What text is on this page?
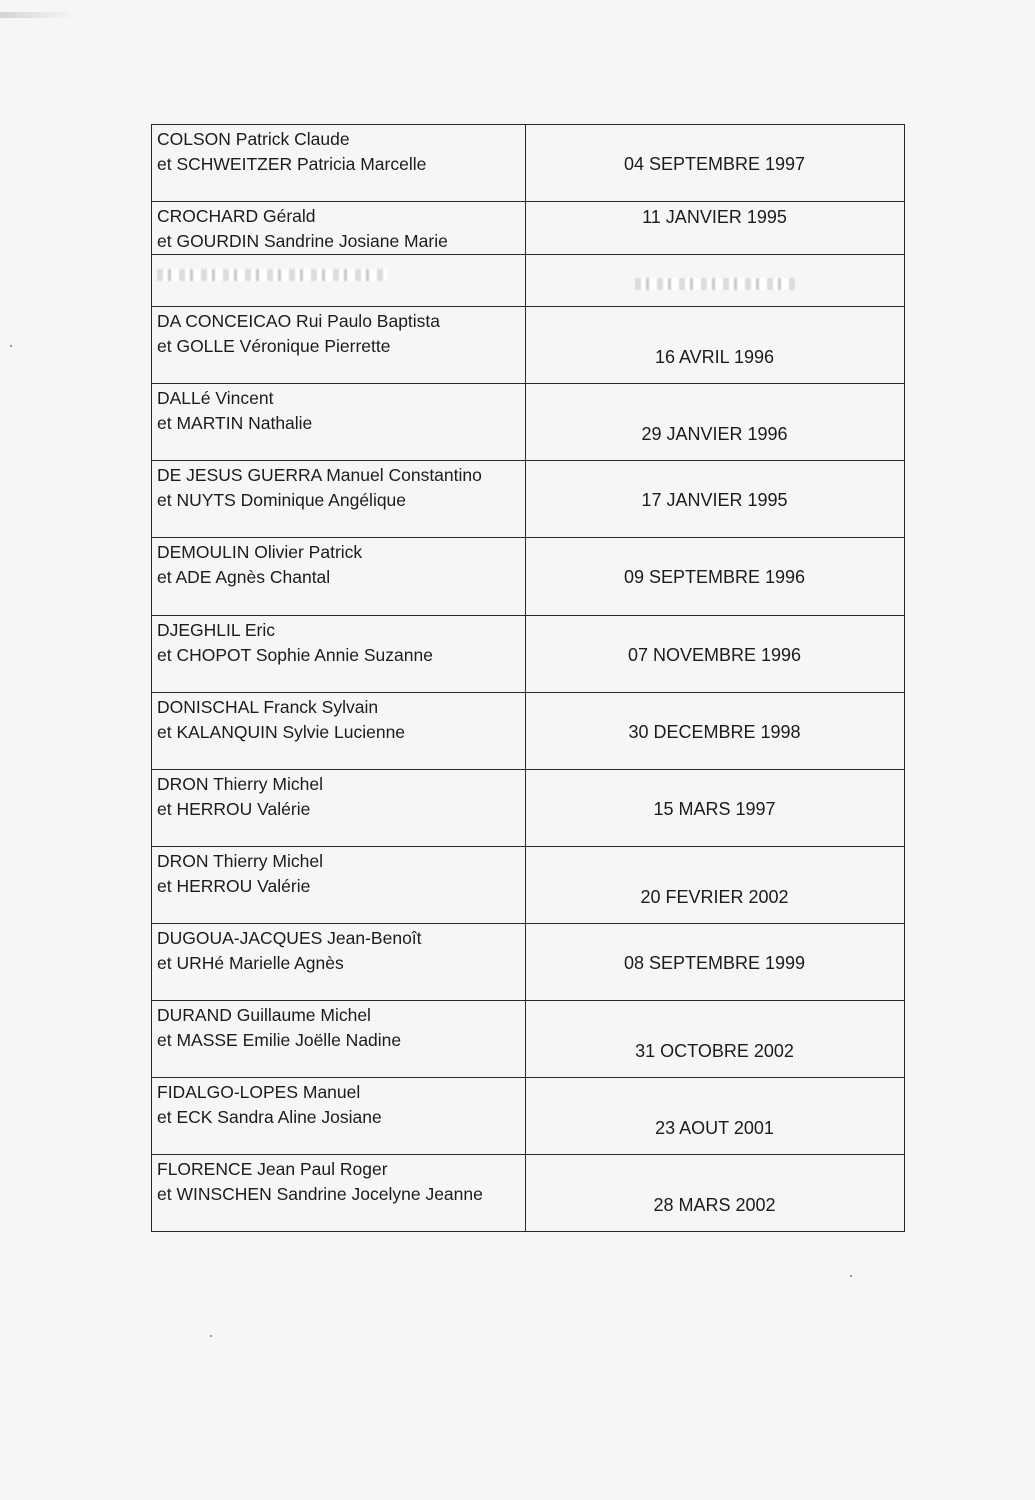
COLSON Patrick Claude
et SCHWEITZER Patricia Marcelle	04 SEPTEMBRE 1997

CROCHARD Gérald
et GOURDIN Sandrine Josiane Marie	11 JANVIER 1995

DA CONCEICAO Rui Paulo Baptista
et GOLLE Véronique Pierrette	16 AVRIL 1996

DALLé Vincent
et MARTIN Nathalie	29 JANVIER 1996

DE JESUS GUERRA Manuel Constantino
et NUYTS Dominique Angélique	17 JANVIER 1995

DEMOULIN Olivier Patrick
et ADE Agnès Chantal	09 SEPTEMBRE 1996

DJEGHLIL Eric
et CHOPOT Sophie Annie Suzanne	07 NOVEMBRE 1996

DONISCHAL Franck Sylvain
et KALANQUIN Sylvie Lucienne	30 DECEMBRE 1998

DRON Thierry Michel
et HERROU Valérie	15 MARS 1997

DRON Thierry Michel
et HERROU Valérie	20 FEVRIER 2002

DUGOUA-JACQUES Jean-Benoît
et URHé Marielle Agnès	08 SEPTEMBRE 1999

DURAND Guillaume Michel
et MASSE Emilie Joëlle Nadine	31 OCTOBRE 2002

FIDALGO-LOPES Manuel
et ECK Sandra Aline Josiane	23 AOUT 2001

FLORENCE Jean Paul Roger
et WINSCHEN Sandrine Jocelyne Jeanne	28 MARS 2002
